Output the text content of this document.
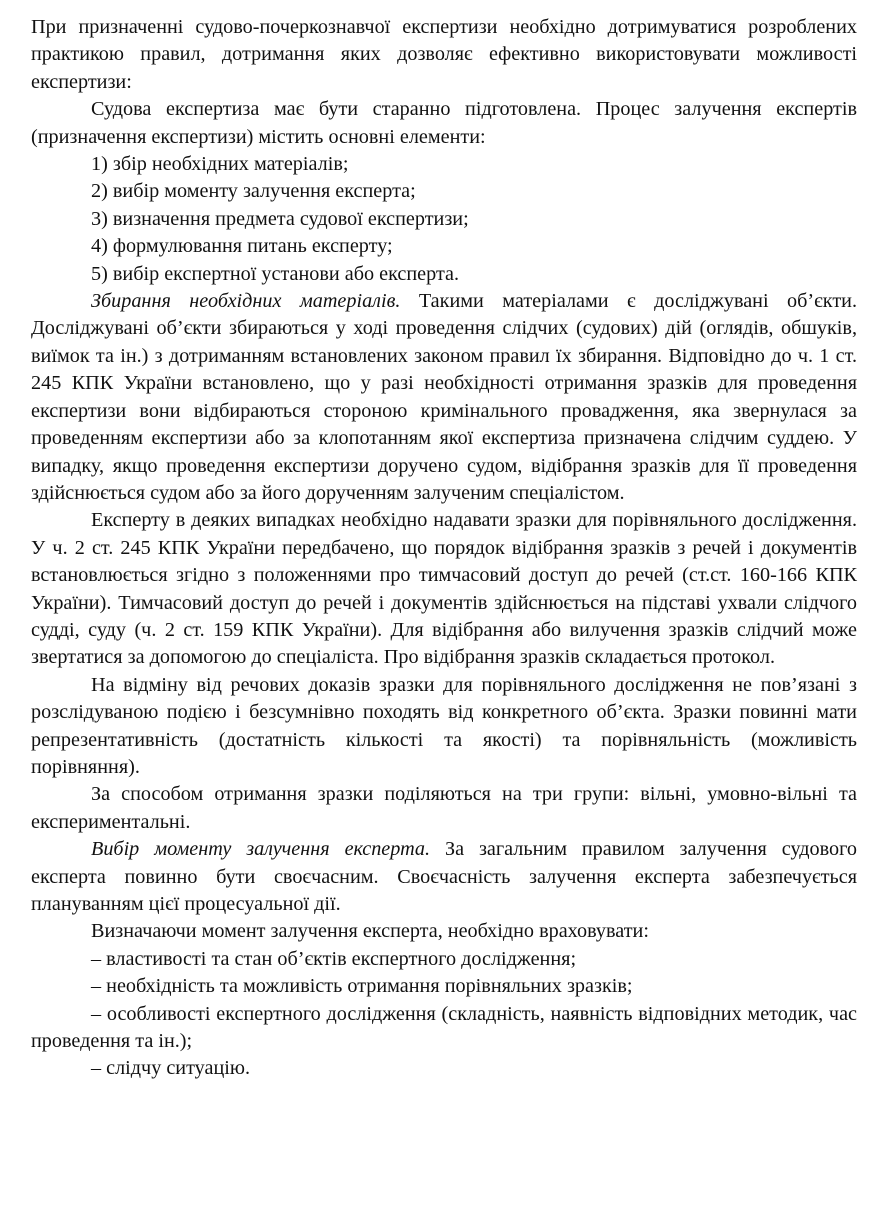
При призначенні судово-почеркознавчої експертизи необхідно дотримуватися розроблених практикою правил, дотримання яких дозволяє ефективно використовувати можливості експертизи:

Судова експертиза має бути старанно підготовлена. Процес залучення експертів (призначення експертизи) містить основні елементи:

1) збір необхідних матеріалів;

2) вибір моменту залучення експерта;

3) визначення предмета судової експертизи;

4) формулювання питань експерту;

5) вибір експертної установи або експерта.

Збирання необхідних матеріалів. Такими матеріалами є досліджувані об’єкти. Досліджувані об’єкти збираються у ході проведення слідчих (судових) дій (оглядів, обшуків, виїмок та ін.) з дотриманням встановлених законом правил їх збирання. Відповідно до ч. 1 ст. 245 КПК України встановлено, що у разі необхідності отримання зразків для проведення експертизи вони відбираються стороною кримінального провадження, яка звернулася за проведенням експертизи або за клопотанням якої експертиза призначена слідчим суддею. У випадку, якщо проведення експертизи доручено судом, відібрання зразків для її проведення здійснюється судом або за його дорученням залученим спеціалістом.

Експерту в деяких випадках необхідно надавати зразки для порівняльного дослідження. У ч. 2 ст. 245 КПК України передбачено, що порядок відібрання зразків з речей і документів встановлюється згідно з положеннями про тимчасовий доступ до речей (ст.ст. 160-166 КПК України). Тимчасовий доступ до речей і документів здійснюється на підставі ухвали слідчого судді, суду (ч. 2 ст. 159 КПК України). Для відібрання або вилучення зразків слідчий може звертатися за допомогою до спеціаліста. Про відібрання зразків складається протокол.

На відміну від речових доказів зразки для порівняльного дослідження не пов’язані з розслідуваною подією і безсумнівно походять від конкретного об’єкта. Зразки повинні мати репрезентативність (достатність кількості та якості) та порівняльність (можливість порівняння).

За способом отримання зразки поділяються на три групи: вільні, умовно-вільні та експериментальні.

Вибір моменту залучення експерта. За загальним правилом залучення судового експерта повинно бути своєчасним. Своєчасність залучення експерта забезпечується плануванням цієї процесуальної дії.

Визначаючи момент залучення експерта, необхідно враховувати:

– властивості та стан об’єктів експертного дослідження;

– необхідність та можливість отримання порівняльних зразків;

– особливості експертного дослідження (складність, наявність відповідних методик, час проведення та ін.);

– слідчу ситуацію.
